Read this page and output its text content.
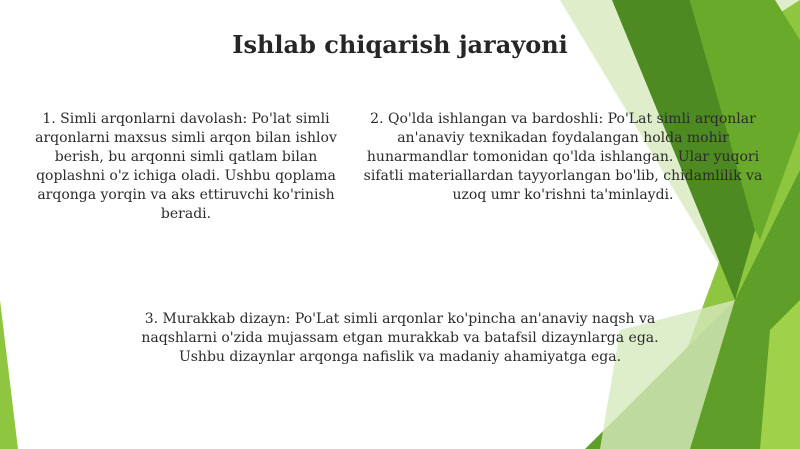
Ishlab chiqarish jarayoni

1. Simli arqonlarni davolash: Po'lat simli arqonlarni maxsus simli arqon bilan ishlov berish, bu arqonni simli qatlam bilan qoplashni o'z ichiga oladi. Ushbu qoplama arqonga yorqin va aks ettiruvchi ko'rinish beradi.

2. Qo'lda ishlangan va bardoshli: Po'Lat simli arqonlar an'anaviy texnikadan foydalangan holda mohir hunarmandlar tomonidan qo'lda ishlangan. Ular yuqori sifatli materiallardan tayyorlangan bo'lib, chidamlilik va uzoq umr ko'rishni ta'minlaydi.

3. Murakkab dizayn: Po'Lat simli arqonlar ko'pincha an'anaviy naqsh va naqshlarni o'zida mujassam etgan murakkab va batafsil dizaynlarga ega. Ushbu dizaynlar arqonga nafislik va madaniy ahamiyatga ega.
